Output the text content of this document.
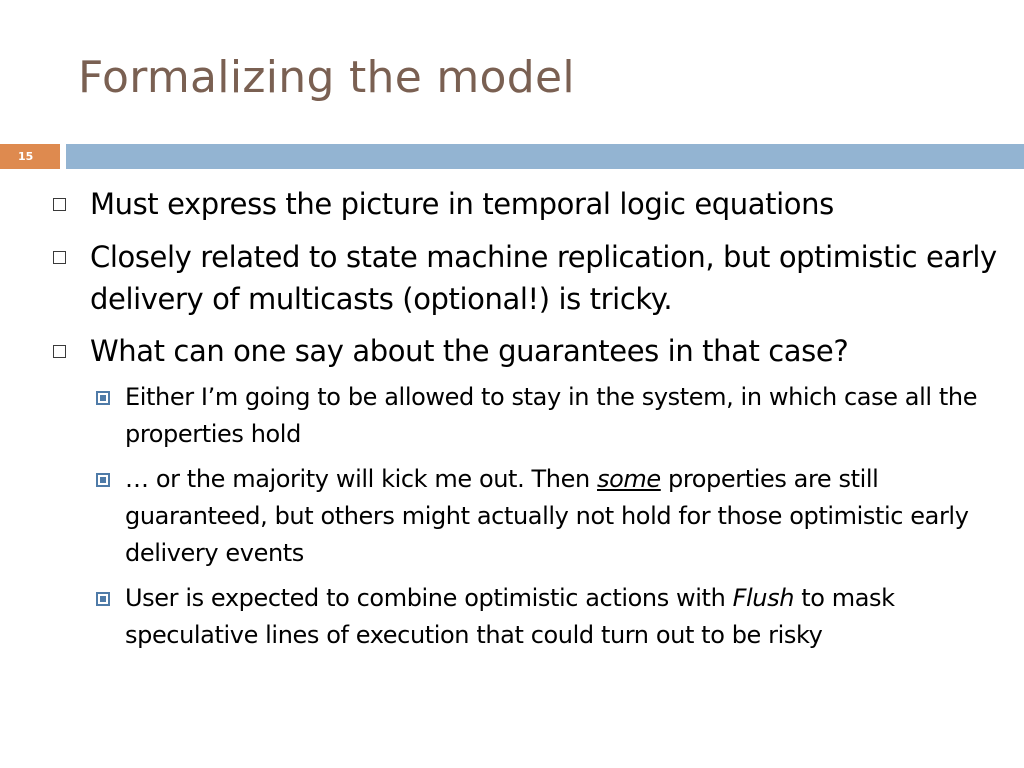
Formalizing the model
15
Must express the picture in temporal logic equations
Closely related to state machine replication, but optimistic early delivery of multicasts (optional!) is tricky.
What can one say about the guarantees in that case?
Either I’m going to be allowed to stay in the system, in which case all the properties hold
… or the majority will kick me out. Then some properties are still guaranteed, but others might actually not hold for those optimistic early delivery events
User is expected to combine optimistic actions with Flush to mask speculative lines of execution that could turn out to be risky
